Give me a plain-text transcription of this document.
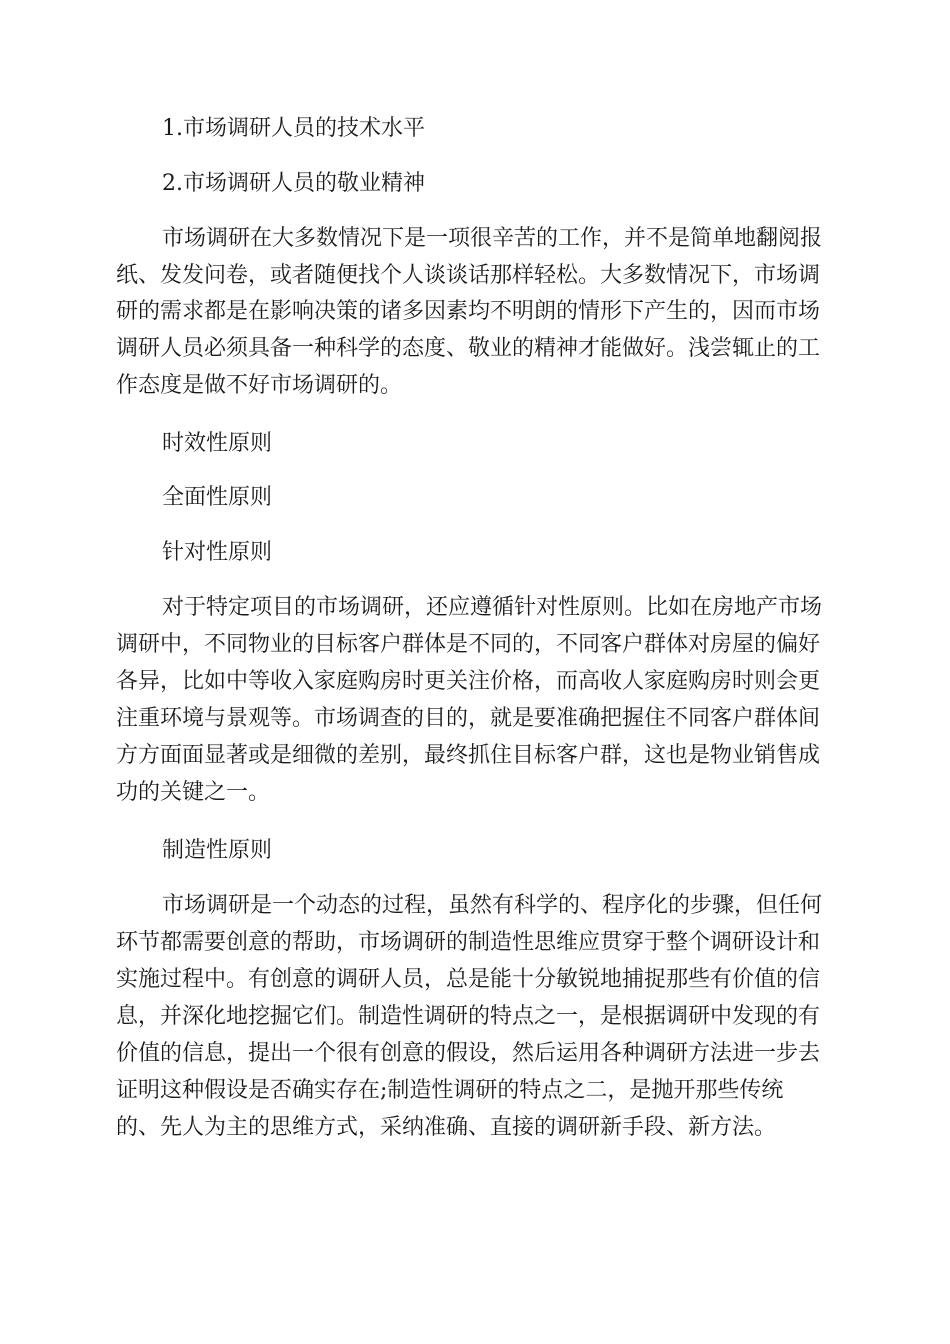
1.市场调研人员的技术水平
2.市场调研人员的敬业精神
市场调研在大多数情况下是一项很辛苦的工作，并不是简单地翻阅报
纸、发发问卷，或者随便找个人谈谈话那样轻松。大多数情况下，市场调
研的需求都是在影响决策的诸多因素均不明朗的情形下产生的，因而市场
调研人员必须具备一种科学的态度、敬业的精神才能做好。浅尝辄止的工
作态度是做不好市场调研的。
时效性原则
全面性原则
针对性原则
对于特定项目的市场调研，还应遵循针对性原则。比如在房地产市场
调研中，不同物业的目标客户群体是不同的，不同客户群体对房屋的偏好
各异，比如中等收入家庭购房时更关注价格，而高收人家庭购房时则会更
注重环境与景观等。市场调查的目的，就是要准确把握住不同客户群体间
方方面面显著或是细微的差别，最终抓住目标客户群，这也是物业销售成
功的关键之一。
制造性原则
市场调研是一个动态的过程，虽然有科学的、程序化的步骤，但任何
环节都需要创意的帮助，市场调研的制造性思维应贯穿于整个调研设计和
实施过程中。有创意的调研人员，总是能十分敏锐地捕捉那些有价值的信
息，并深化地挖掘它们。制造性调研的特点之一，是根据调研中发现的有
价值的信息，提出一个很有创意的假设，然后运用各种调研方法进一步去
证明这种假设是否确实存在;制造性调研的特点之二，是抛开那些传统
的、先人为主的思维方式，采纳准确、直接的调研新手段、新方法。
